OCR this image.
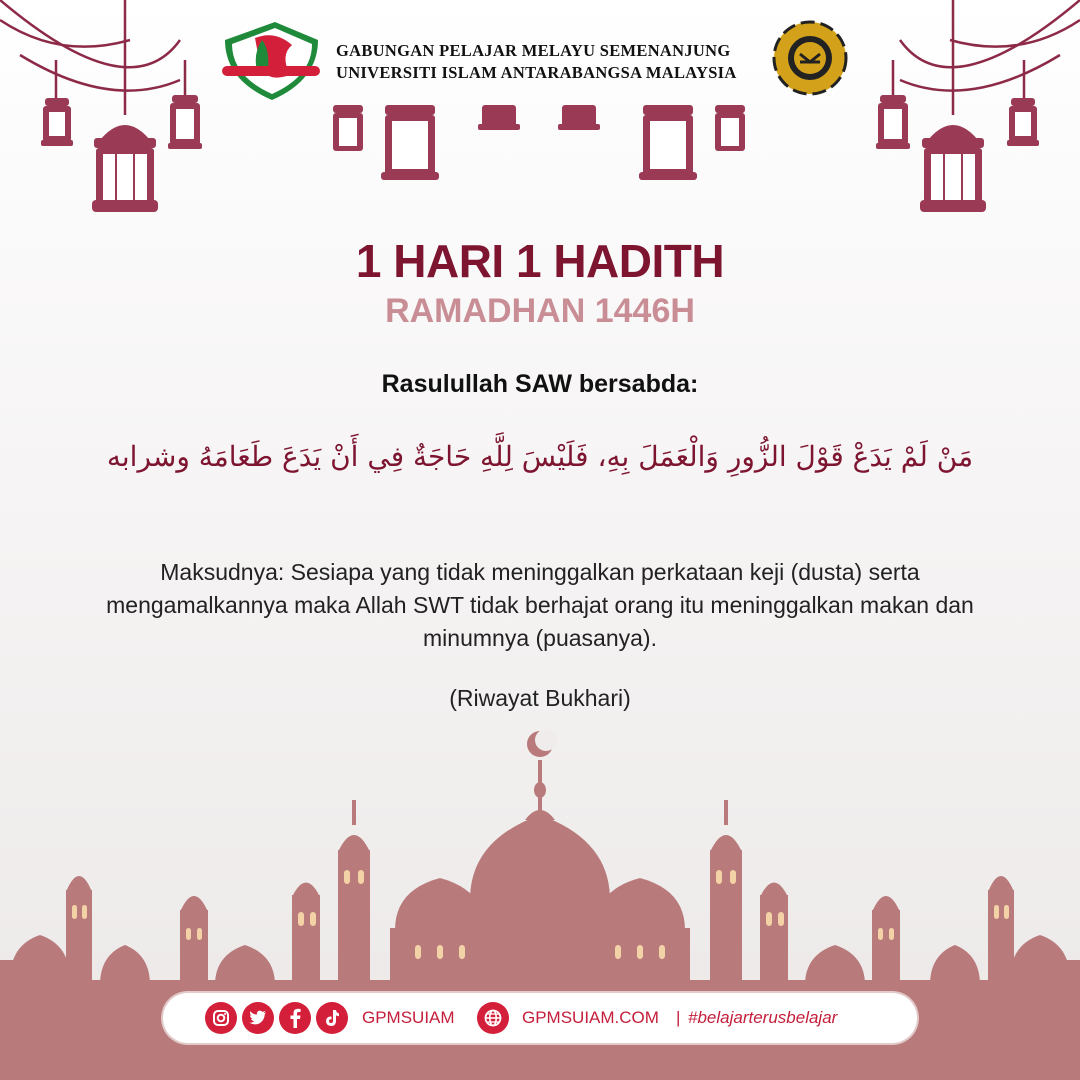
GABUNGAN PELAJAR MELAYU SEMENANJUNG
UNIVERSITI ISLAM ANTARABANGSA MALAYSIA
1 HARI 1 HADITH
RAMADHAN 1446H
Rasulullah SAW bersabda:
مَنْ لَمْ يَدَعْ قَوْلَ الزُّورِ وَالْعَمَلَ بِهِ، فَلَيْسَ لِلَّهِ حَاجَةٌ فِي أَنْ يَدَعَ طَعَامَهُ وشرابه
Maksudnya: Sesiapa yang tidak meninggalkan perkataan keji (dusta) serta mengamalkannya maka Allah SWT tidak berhajat orang itu meninggalkan makan dan minumnya (puasanya).
(Riwayat Bukhari)
GPMSUIAM	GPMSUIAM.COM | #belajarterusbelajar
